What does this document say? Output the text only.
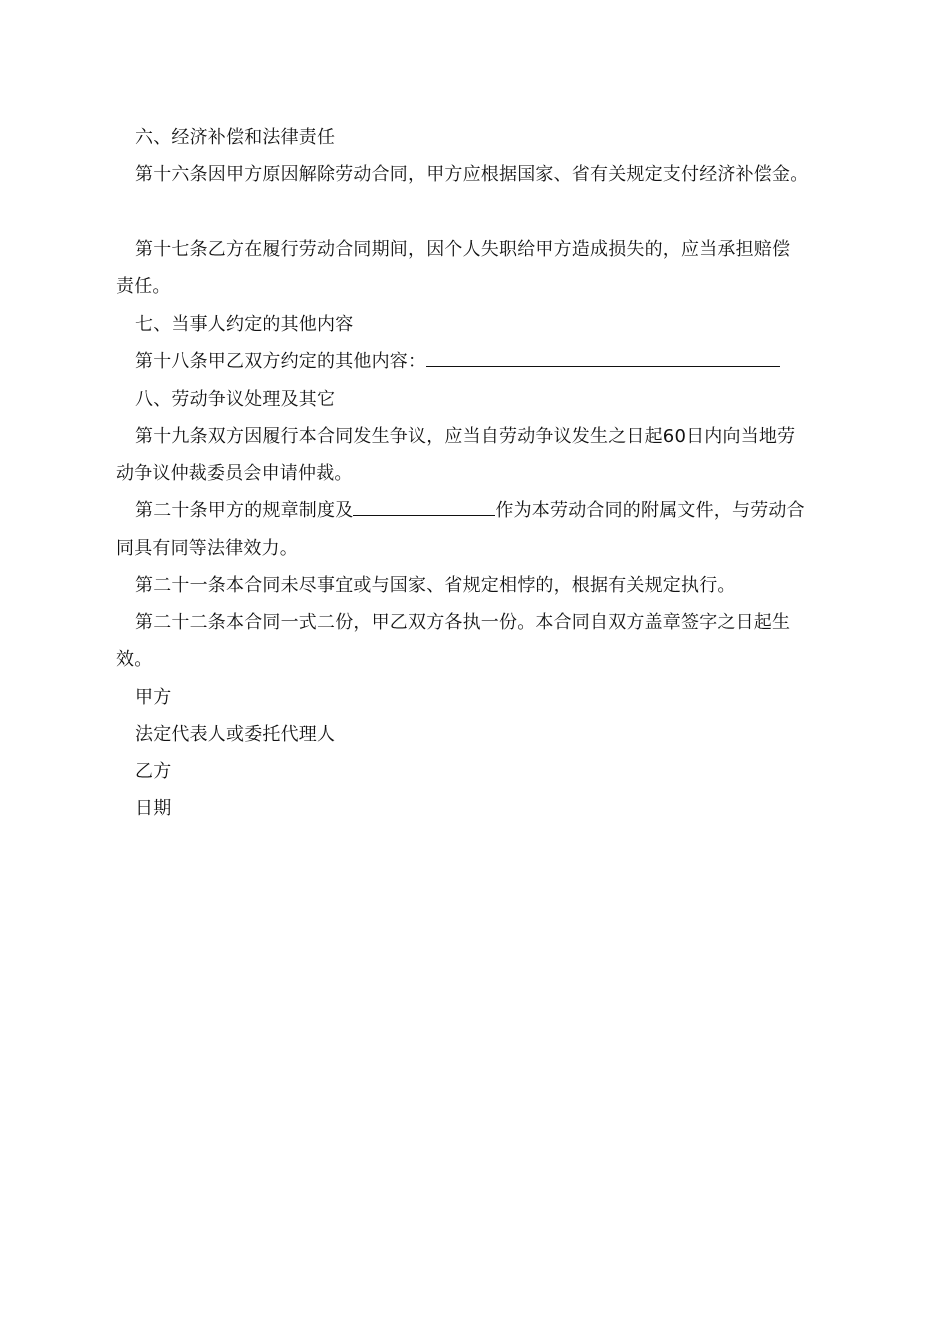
六、经济补偿和法律责任
第十六条因甲方原因解除劳动合同，甲方应根据国家、省有关规定支付经济补偿金。
第十七条乙方在履行劳动合同期间，因个人失职给甲方造成损失的，应当承担赔偿
责任。
七、当事人约定的其他内容
第十八条甲乙双方约定的其他内容：
八、劳动争议处理及其它
第十九条双方因履行本合同发生争议，应当自劳动争议发生之日起60日内向当地劳
动争议仲裁委员会申请仲裁。
第二十条甲方的规章制度及	作为本劳动合同的附属文件，与劳动合
同具有同等法律效力。
第二十一条本合同未尽事宜或与国家、省规定相悖的，根据有关规定执行。
第二十二条本合同一式二份，甲乙双方各执一份。本合同自双方盖章签字之日起生
效。
甲方
法定代表人或委托代理人
乙方
日期
